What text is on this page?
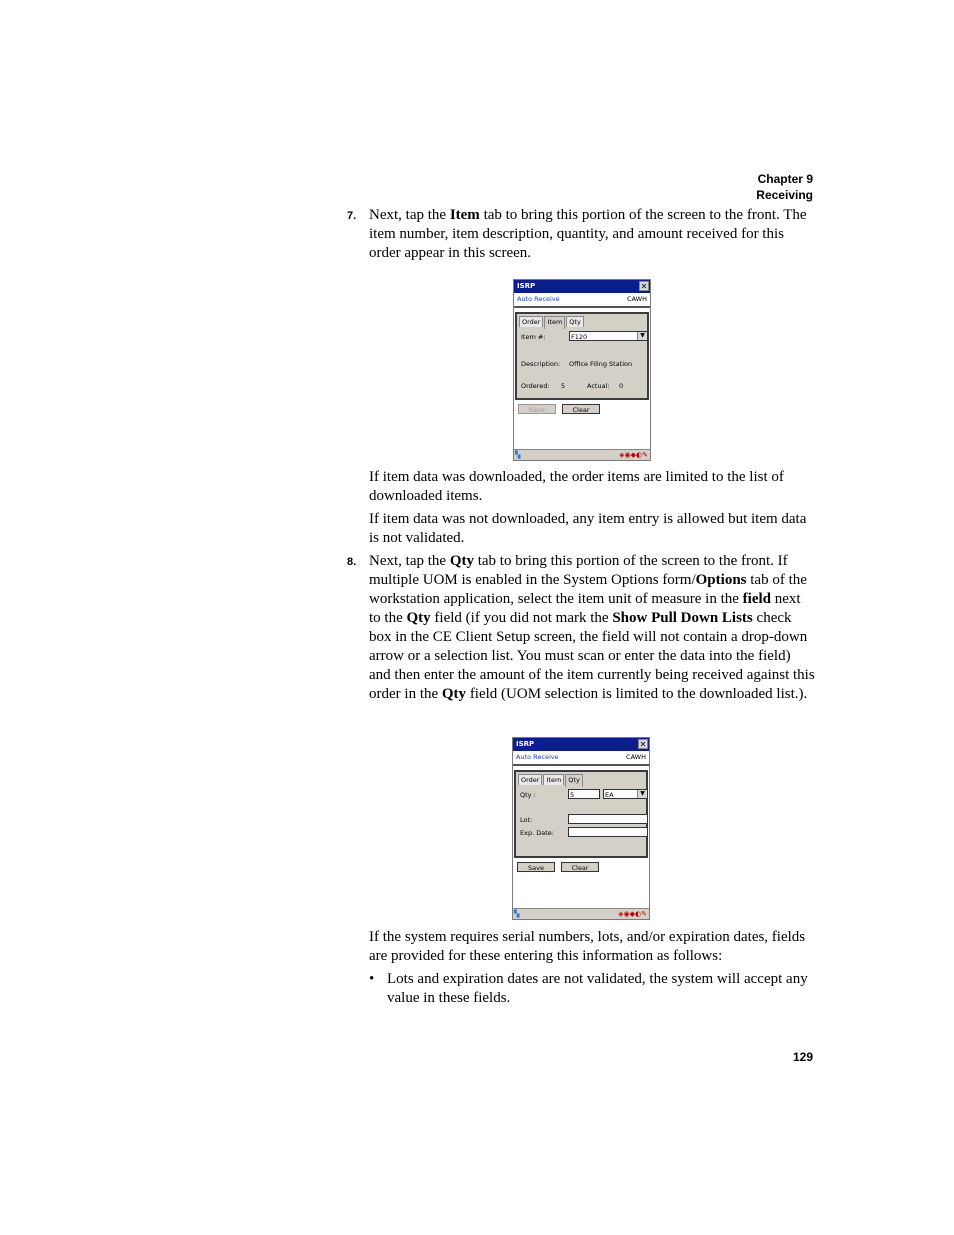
Chapter 9
Receiving
7. Next, tap the Item tab to bring this portion of the screen to the front. The item number, item description, quantity, and amount received for this order appear in this screen.
ISRP	✕
Auto Receive	CAWH
Order Item Qty
Item #:	F120	▼
Description: Office Filing Station
Ordered: 5	Actual: 0
Save	Clear
▚	◈◉◆◐✎
If item data was downloaded, the order items are limited to the list of downloaded items.
If item data was not downloaded, any item entry is allowed but item data is not validated.
8. Next, tap the Qty tab to bring this portion of the screen to the front. If multiple UOM is enabled in the System Options form/Options tab of the workstation application, select the item unit of measure in the field next to the Qty field (if you did not mark the Show Pull Down Lists check box in the CE Client Setup screen, the field will not contain a drop-down arrow or a selection list. You must scan or enter the data into the field) and then enter the amount of the item currently being received against this order in the Qty field (UOM selection is limited to the downloaded list.).
ISRP	✕
Auto Receive	CAWH
Order Item Qty
Qty :	5	EA	▼
Lot:
Exp. Date:
Save	Clear
▚	◈◉◆◐✎
If the system requires serial numbers, lots, and/or expiration dates, fields are provided for these entering this information as follows:
• Lots and expiration dates are not validated, the system will accept any value in these fields.
129
